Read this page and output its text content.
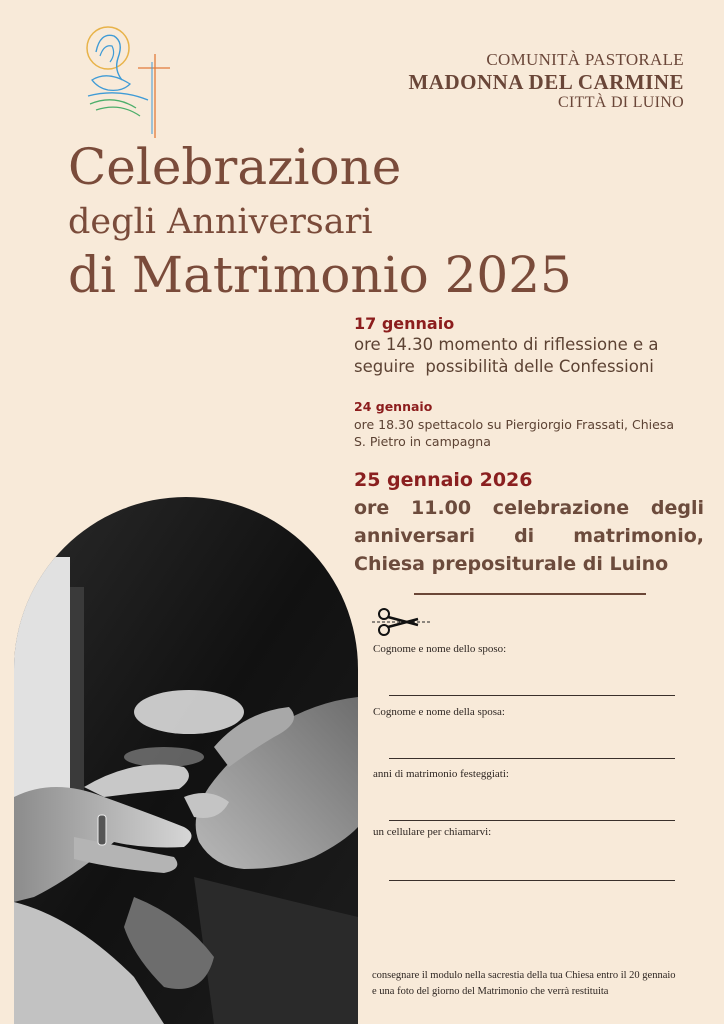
COMUNITÀ PASTORALE
MADONNA DEL CARMINE
CITTÀ DI LUINO
Celebrazione
degli Anniversari
di Matrimonio 2025
17 gennaio
ore 14.30 momento di riflessione e a
seguire  possibilità delle Confessioni
24 gennaio
ore 18.30 spettacolo su Piergiorgio Frassati, Chiesa
S. Pietro in campagna
25 gennaio 2026
ore 11.00 celebrazione degli anniversari di matrimonio, Chiesa prepositurale di Luino
Cognome e nome dello sposo:
Cognome e nome della sposa:
anni di matrimonio festeggiati:
un cellulare per chiamarvi:
consegnare il modulo nella sacrestia della tua Chiesa entro il 20 gennaio
e una foto del giorno del Matrimonio che verrà restituita
